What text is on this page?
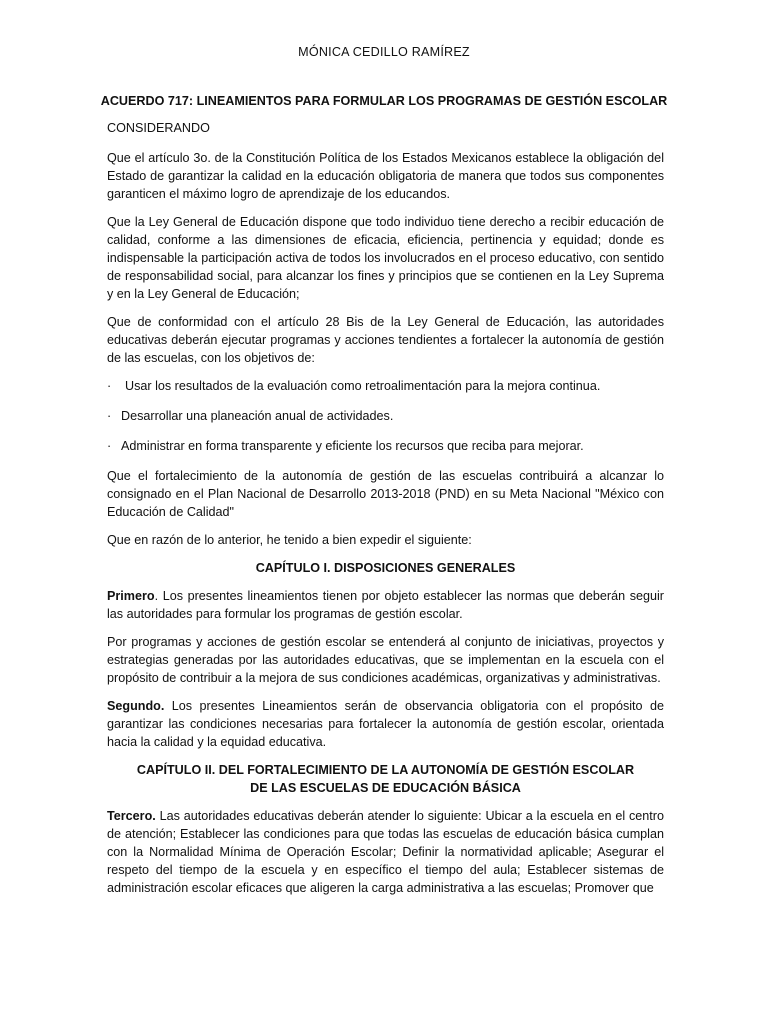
MÓNICA CEDILLO RAMÍREZ
ACUERDO 717: LINEAMIENTOS PARA FORMULAR LOS PROGRAMAS DE GESTIÓN ESCOLAR

CONSIDERANDO

Que el artículo 3o. de la Constitución Política de los Estados Mexicanos establece la obligación del Estado de garantizar la calidad en la educación obligatoria de manera que todos sus componentes garanticen el máximo logro de aprendizaje de los educandos.

Que la Ley General de Educación dispone que todo individuo tiene derecho a recibir educación de calidad, conforme a las dimensiones de eficacia, eficiencia, pertinencia y equidad; donde es indispensable la participación activa de todos los involucrados en el proceso educativo, con sentido de responsabilidad social, para alcanzar los fines y principios que se contienen en la Ley Suprema y en la Ley General de Educación;

Que de conformidad con el artículo 28 Bis de la Ley General de Educación, las autoridades educativas deberán ejecutar programas y acciones tendientes a fortalecer la autonomía de gestión de las escuelas, con los objetivos de:

·	Usar los resultados de la evaluación como retroalimentación para la mejora continua.
· Desarrollar una planeación anual de actividades.
· Administrar en forma transparente y eficiente los recursos que reciba para mejorar.

Que el fortalecimiento de la autonomía de gestión de las escuelas contribuirá a alcanzar lo consignado en el Plan Nacional de Desarrollo 2013-2018 (PND) en su Meta Nacional "México con Educación de Calidad"

Que en razón de lo anterior, he tenido a bien expedir el siguiente:

CAPÍTULO I. DISPOSICIONES GENERALES

Primero. Los presentes lineamientos tienen por objeto establecer las normas que deberán seguir las autoridades para formular los programas de gestión escolar.

Por programas y acciones de gestión escolar se entenderá al conjunto de iniciativas, proyectos y estrategias generadas por las autoridades educativas, que se implementan en la escuela con el propósito de contribuir a la mejora de sus condiciones académicas, organizativas y administrativas.

Segundo. Los presentes Lineamientos serán de observancia obligatoria con el propósito de garantizar las condiciones necesarias para fortalecer la autonomía de gestión escolar, orientada hacia la calidad y la equidad educativa.

CAPÍTULO II. DEL FORTALECIMIENTO DE LA AUTONOMÍA DE GESTIÓN ESCOLAR DE LAS ESCUELAS DE EDUCACIÓN BÁSICA

Tercero. Las autoridades educativas deberán atender lo siguiente: Ubicar a la escuela en el centro de atención; Establecer las condiciones para que todas las escuelas de educación básica cumplan con la Normalidad Mínima de Operación Escolar; Definir la normatividad aplicable; Asegurar el respeto del tiempo de la escuela y en específico el tiempo del aula; Establecer sistemas de administración escolar eficaces que aligeren la carga administrativa a las escuelas; Promover que
